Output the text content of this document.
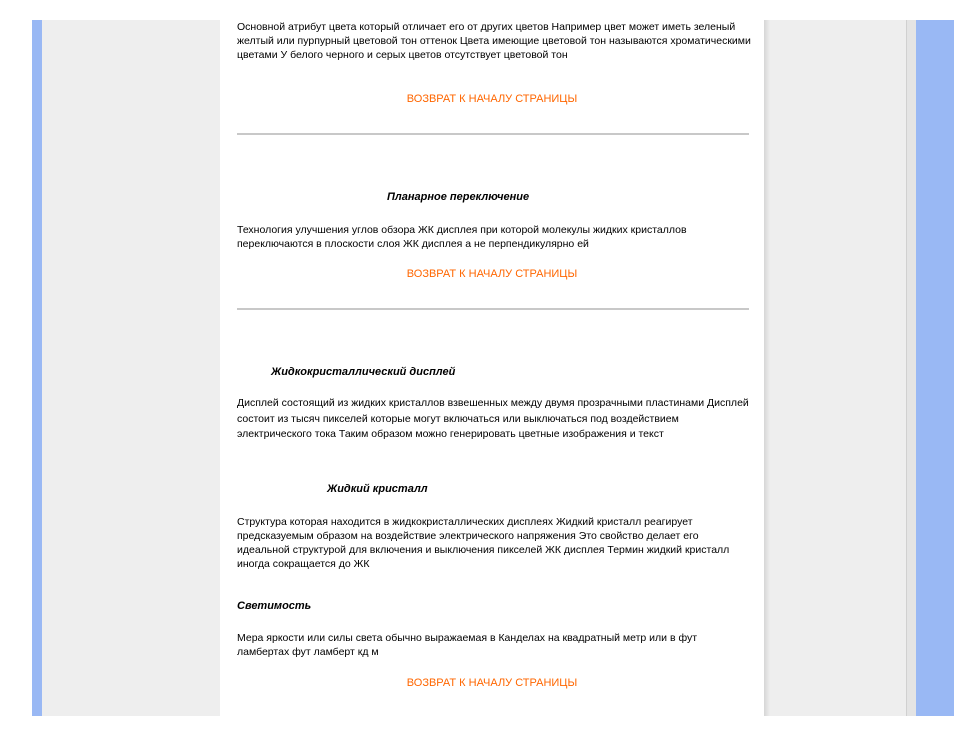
Основной атрибут цвета который отличает его от других цветов Например цвет может иметь зеленый желтый или пурпурный цветовой тон оттенок Цвета имеющие цветовой тон называются хроматическими цветами У белого черного и серых цветов отсутствует цветовой тон

ВОЗВРАТ К НАЧАЛУ СТРАНИЦЫ

Планарное переключение

Технология улучшения углов обзора ЖК дисплея при которой молекулы жидких кристаллов переключаются в плоскости слоя ЖК дисплея а не перпендикулярно ей

ВОЗВРАТ К НАЧАЛУ СТРАНИЦЫ

Жидкокристаллический дисплей

Дисплей состоящий из жидких кристаллов взвешенных между двумя прозрачными пластинами Дисплей состоит из тысяч пикселей которые могут включаться или выключаться под воздействием электрического тока Таким образом можно генерировать цветные изображения и текст

Жидкий кристалл

Структура которая находится в жидкокристаллических дисплеях Жидкий кристалл реагирует предсказуемым образом на воздействие электрического напряжения Это свойство делает его идеальной структурой для включения и выключения пикселей ЖК дисплея Термин жидкий кристалл иногда сокращается до ЖК

Светимость

Мера яркости или силы света обычно выражаемая в Канделах на квадратный метр или в фут ламбертах фут ламберт кд м

ВОЗВРАТ К НАЧАЛУ СТРАНИЦЫ
